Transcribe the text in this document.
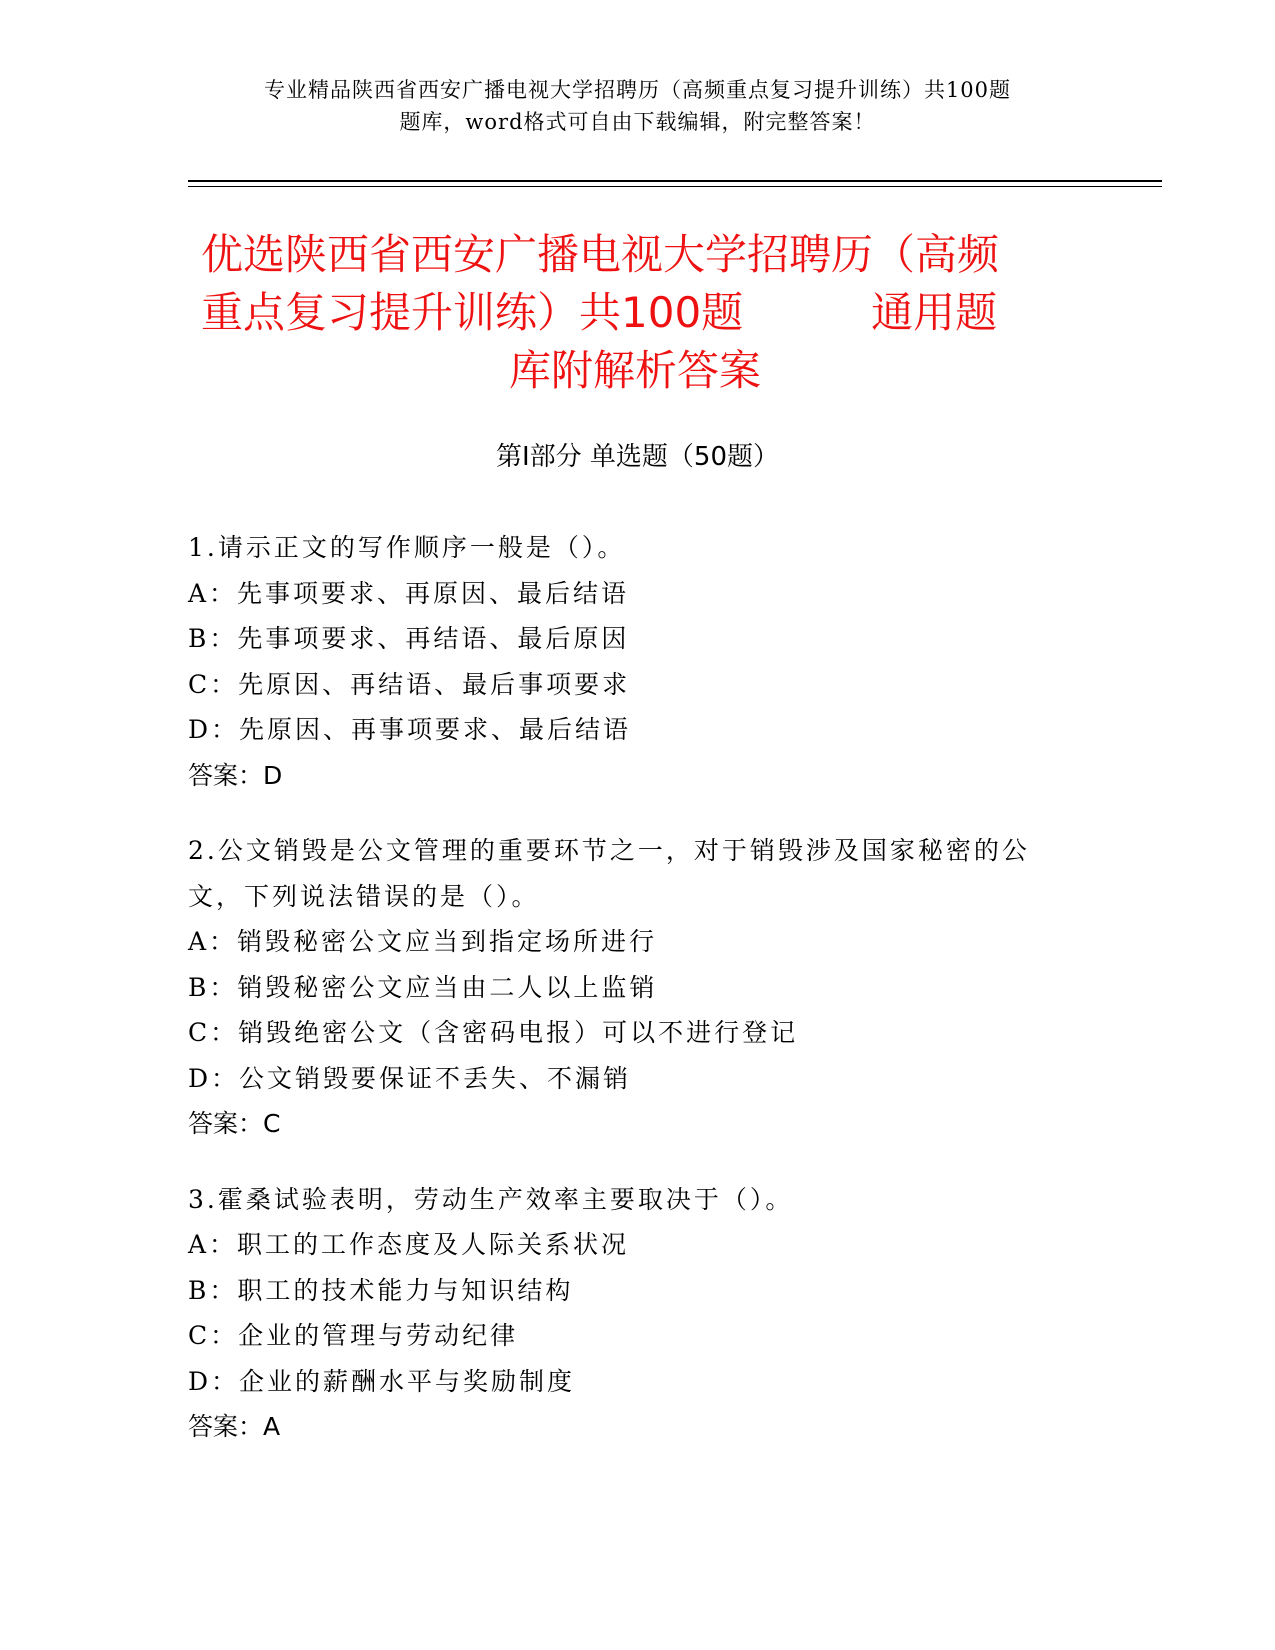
专业精品陕西省西安广播电视大学招聘历（高频重点复习提升训练）共100题
题库，word格式可自由下载编辑，附完整答案！
优选陕西省西安广播电视大学招聘历（高频
重点复习提升训练）共100题	通用题
库附解析答案
第Ⅰ部分 单选题（50题）
1.请示正文的写作顺序一般是（）。
A：先事项要求、再原因、最后结语
B：先事项要求、再结语、最后原因
C：先原因、再结语、最后事项要求
D：先原因、再事项要求、最后结语
答案：D
2.公文销毁是公文管理的重要环节之一，对于销毁涉及国家秘密的公
文，下列说法错误的是（）。
A：销毁秘密公文应当到指定场所进行
B：销毁秘密公文应当由二人以上监销
C：销毁绝密公文（含密码电报）可以不进行登记
D：公文销毁要保证不丢失、不漏销
答案：C
3.霍桑试验表明，劳动生产效率主要取决于（）。
A：职工的工作态度及人际关系状况
B：职工的技术能力与知识结构
C：企业的管理与劳动纪律
D：企业的薪酬水平与奖励制度
答案：A
